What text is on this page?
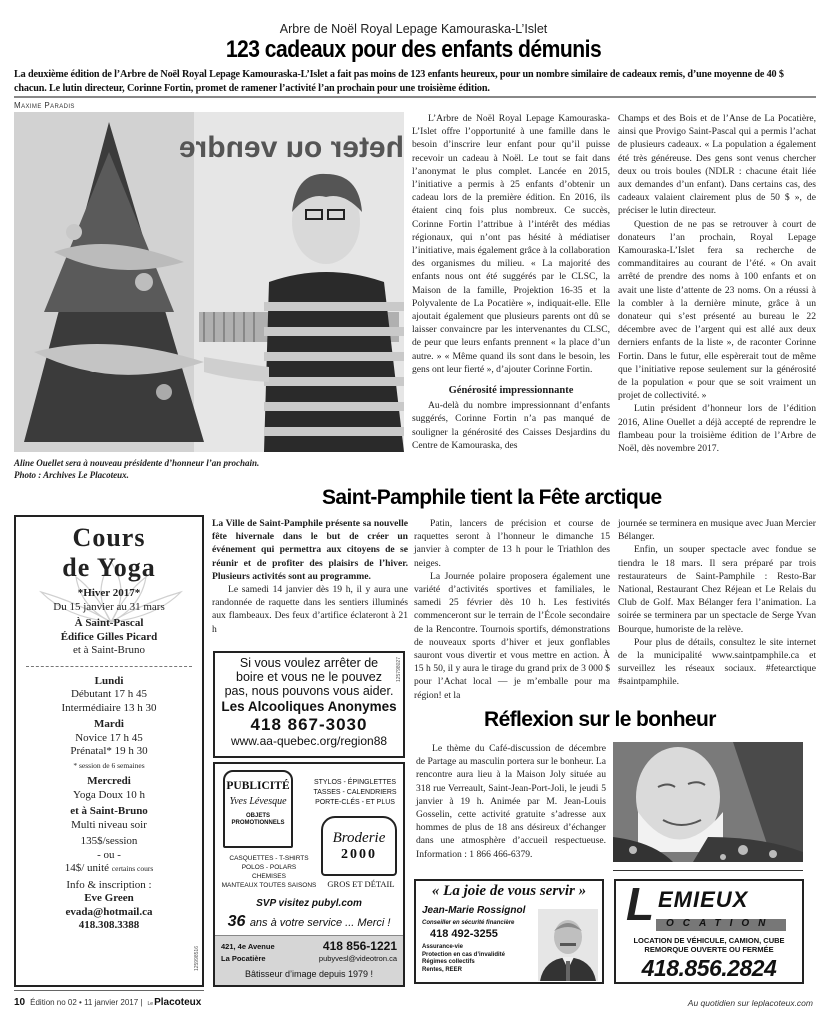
Arbre de Noël Royal Lepage Kamouraska-L’Islet
123 cadeaux pour des enfants démunis
La deuxième édition de l’Arbre de Noël Royal Lepage Kamouraska-L’Islet a fait pas moins de 123 enfants heureux, pour un nombre similaire de cadeaux remis, d’une moyenne de 40 $ chacun. Le lutin directeur, Corinne Fortin, promet de ramener l’activité l’an prochain pour une troisième édition.
Maxime Paradis
heter ou vendre
Aline Ouellet sera à nouveau présidente d’honneur l’an prochain.
Photo : Archives Le Placoteux.

L’Arbre de Noël Royal Lepage Kamouraska-L’Islet offre l’opportunité à une famille dans le besoin d’inscrire leur enfant pour qu’il puisse recevoir un cadeau à Noël. Le tout se fait dans l’anonymat le plus complet. Lancée en 2015, l’initiative a permis à 25 enfants d’obtenir un cadeau lors de la première édition. En 2016, ils étaient cinq fois plus nombreux. Ce succès, Corinne Fortin l’attribue à l’intérêt des médias régionaux, qui n’ont pas hésité à médiatiser l’initiative, mais également grâce à la collaboration des organismes du milieu. « La majorité des enfants nous ont été suggérés par le CLSC, la Maison de la famille, Projektion 16-35 et la Polyvalente de La Pocatière », indiquait-elle. Elle ajoutait également que plusieurs parents ont dû se laisser convaincre par les intervenantes du CLSC, de peur que leurs enfants prennent « la place d’un autre. » « Même quand ils sont dans le besoin, les gens ont leur fierté », d’ajouter Corinne Fortin.

Générosité impressionnante

Au-delà du nombre impressionnant d’enfants suggérés, Corinne Fortin n’a pas manqué de souligner la générosité des Caisses Desjardins du Centre de Kamouraska, des

Champs et des Bois et de l’Anse de La Pocatière, ainsi que Provigo Saint-Pascal qui a permis l’achat de plusieurs cadeaux. « La population a également été très généreuse. Des gens sont venus chercher deux ou trois boules (NDLR : chacune était liée aux demandes d’un enfant). Dans certains cas, des cadeaux valaient clairement plus de 50 $ », de préciser le lutin directeur.

Question de ne pas se retrouver à court de donateurs l’an prochain, Royal Lepage Kamouraska-L’Islet fera sa recherche de commanditaires au courant de l’été. « On avait arrêté de prendre des noms à 100 enfants et on avait une liste d’attente de 23 noms. On a réussi à la combler à la dernière minute, grâce à un donateur qui s’est présenté au bureau le 22 décembre avec de l’argent qui est allé aux deux derniers enfants de la liste », de raconter Corinne Fortin. Dans le futur, elle espèrerait tout de même que l’initiative repose seulement sur la générosité de la population « pour que se soit vraiment un projet de collectivité. »

Lutin président d’honneur lors de l’édition 2016, Aline Ouellet a déjà accepté de reprendre le flambeau pour la troisième édition de l’Arbre de Noël, dès novembre 2017.

Saint-Pamphile tient la Fête arctique

La Ville de Saint-Pamphile présente sa nouvelle fête hivernale dans le but de créer un événement qui permettra aux citoyens de se réunir et de profiter des plaisirs de l’hiver. Plusieurs activités sont au programme.

Le samedi 14 janvier dès 19 h, il y aura une randonnée de raquette dans les sentiers illuminés aux flambeaux. Des feux d’artifice éclateront à 21 h

Patin, lancers de précision et course de raquettes seront à l’honneur le dimanche 15 janvier à compter de 13 h pour le Triathlon des neiges.

La Journée polaire proposera également une variété d’activités sportives et familiales, le samedi 25 février dès 10 h. Les festivités commenceront sur le terrain de l’École secondaire de la Rencontre. Tournois sportifs, démonstrations de nouveaux sports d’hiver et jeux gonflables sauront vous divertir et vous mettre en action. À 15 h 50, il y aura le tirage du grand prix de 3 000 $ pour l’Achat local — je m’emballe pour ma région! et la

journée se terminera en musique avec Juan Mercier Bélanger.

Enfin, un souper spectacle avec fondue se tiendra le 18 mars. Il sera préparé par trois restaurateurs de Saint-Pamphile : Resto-Bar National, Restaurant Chez Réjean et Le Relais du Club de Golf. Max Bélanger fera l’animation. La soirée se terminera par un spectacle de Serge Yvan Bourque, humoriste de la relève.

Pour plus de détails, consultez le site internet de la municipalité www.saintpamphile.ca et surveillez les réseaux sociaux. #fetearctique #saintpamphile.

Réflexion sur le bonheur

Le thème du Café-discussion de décembre de Partage au masculin portera sur le bonheur. La rencontre aura lieu à la Maison Joly située au 318 rue Verreault, Saint-Jean-Port-Joli, le jeudi 5 janvier à 19 h. Animée par M. Jean-Louis Gosselin, cette activité gratuite s’adresse aux hommes de plus de 18 ans désireux d’échanger dans une atmosphère d’accueil respectueuse. Information : 1 866 466-6379.

Cours
de Yoga
*Hiver 2017*
Du 15 janvier au 31 mars
À Saint-Pascal
Édifice Gilles Picard
et à Saint-Bruno
Lundi
Débutant 17 h 45
Intermédiaire 13 h 30
Mardi
Novice 17 h 45
Prénatal* 19 h 30
* session de 6 semaines
Mercredi
Yoga Doux 10 h
et à Saint-Bruno
Multi niveau soir
135$/session
- ou -
14$/ unité certains cours
Info & inscription :
Eve Green
evada@hotmail.ca
418.308.3388
125998516
Si vous voulez arrêter de
boire et vous ne le pouvez
pas, nous pouvons vous aider.
Les Alcooliques Anonymes
418 867-3030
www.aa-quebec.org/region88
125798027
PUBLICITÉ
Yves Lévesque
OBJETS PROMOTIONNELS
STYLOS - ÉPINGLETTES
TASSES - CALENDRIERS
PORTE-CLÉS - ET PLUS
CASQUETTES - T-SHIRTS
POLOS - POLARS
CHEMISES
MANTEAUX TOUTES SAISONS
Broderie
2000
GROS ET DÉTAIL
SVP visitez pubyl.com
36 ans à votre service ... Merci !
421, 4e Avenue
La Pocatière
418 856-1221
pubyvesl@videotron.ca
Bâtisseur d’image depuis 1979 !
« La joie de vous servir »
Jean-Marie Rossignol
Conseiller en sécurité financière
418 492-3255
Assurance-vie
Protection en cas d’invalidité
Régimes collectifs
Rentes, REER
L EMIEUX
OCATION
LOCATION DE VÉHICULE, CAMION, CUBE
REMORQUE OUVERTE OU FERMÉE
418.856.2824
10 Édition no 02 • 11 janvier 2017 | Le Placoteux	Au quotidien sur leplacoteux.com
